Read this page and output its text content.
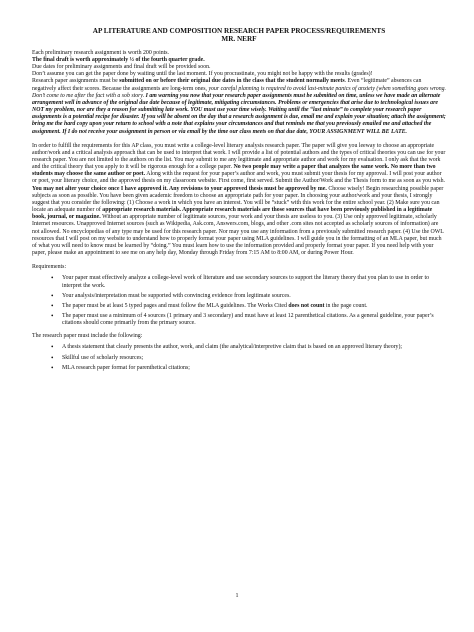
AP LITERATURE AND COMPOSITION RESEARCH PAPER PROCESS/REQUIREMENTS
MR. NERF

Each preliminary research assignment is worth 200 points.
The final draft is worth approximately ½ of the fourth quarter grade.
Due dates for preliminary assignments and final draft will be provided soon.
Don’t assume you can get the paper done by waiting until the last moment. If you procrastinate, you might not be happy with the results (grades)!

Research paper assignments must be submitted on or before their original due dates in the class that the student normally meets. Even “legitimate” absences can negatively affect their scores. Because the assignments are long-term ones, your careful planning is required to avoid last-minute panics of anxiety (when something goes wrong. Don’t come to me after the fact with a sob story. I am warning you now that your research paper assignments must be submitted on time, unless we have made an alternate arrangement well in advance of the original due date because of legitimate, mitigating circumstances. Problems or emergencies that arise due to technological issues are NOT my problem, nor are they a reason for submitting late work. YOU must use your time wisely. Waiting until the “last minute” to complete your research paper assignments is a potential recipe for disaster. If you will be absent on the day that a research assignment is due, email me and explain your situation; attach the assignment; bring me the hard copy upon your return to school with a note that explains your circumstances and that reminds me that you previously emailed me and attached the assignment. If I do not receive your assignment in person or via email by the time our class meets on that due date, YOUR ASSIGNMENT WILL BE LATE.

In order to fulfill the requirements for this AP class, you must write a college-level literary analysis research paper. The paper will give you leeway to choose an appropriate author/work and a critical analysis approach that can be used to interpret that work. I will provide a list of potential authors and the types of critical theories you can use for your research paper. You are not limited to the authors on the list. You may submit to me any legitimate and appropriate author and work for my evaluation. I only ask that the work and the critical theory that you apply to it will be rigorous enough for a college paper. No two people may write a paper that analyzes the same work. No more than two students may choose the same author or poet. Along with the request for your paper’s author and work, you must submit your thesis for my approval. I will post your author or poet, your literary choice, and the approved thesis on my classroom website. First come, first served. Submit the Author/Work and the Thesis form to me as soon as you wish. You may not alter your choice once I have approved it. Any revisions to your approved thesis must be approved by me. Choose wisely! Begin researching possible paper subjects as soon as possible. You have been given academic freedom to choose an appropriate path for your paper. In choosing your author/work and your thesis, I strongly suggest that you consider the following: (1) Choose a work in which you have an interest. You will be “stuck” with this work for the entire school year. (2) Make sure you can locate an adequate number of appropriate research materials. Appropriate research materials are those sources that have been previously published in a legitimate book, journal, or magazine. Without an appropriate number of legitimate sources, your work and your thesis are useless to you. (3) Use only approved legitimate, scholarly Internet resources. Unapproved Internet sources (such as Wikipedia, Ask.com, Answers.com, blogs, and other .com sites not accepted as scholarly sources of information) are not allowed. No encyclopedias of any type may be used for this research paper. Nor may you use any information from a previously submitted research paper. (4) Use the OWL resources that I will post on my website to understand how to properly format your paper using MLA guidelines. I will guide you in the formatting of an MLA paper, but much of what you will need to know must be learned by “doing.” You must learn how to use the information provided and properly format your paper. If you need help with your paper, please make an appointment to see me on any help day, Monday through Friday from 7:15 AM to 8:00 AM, or during Power Hour.

Requirements:
• Your paper must effectively analyze a college-level work of literature and use secondary sources to support the literary theory that you plan to use in order to interpret the work.
• Your analysis/interpretation must be supported with convincing evidence from legitimate sources.
• The paper must be at least 5 typed pages and must follow the MLA guidelines. The Works Cited does not count in the page count.
• The paper must use a minimum of 4 sources (1 primary and 3 secondary) and must have at least 12 parenthetical citations. As a general guideline, your paper’s citations should come primarily from the primary source.
The research paper must include the following:
• A thesis statement that clearly presents the author, work, and claim (the analytical/interpretive claim that is based on an approved literary theory);
• Skillful use of scholarly resources;
• MLA research paper format for parenthetical citations;
1
